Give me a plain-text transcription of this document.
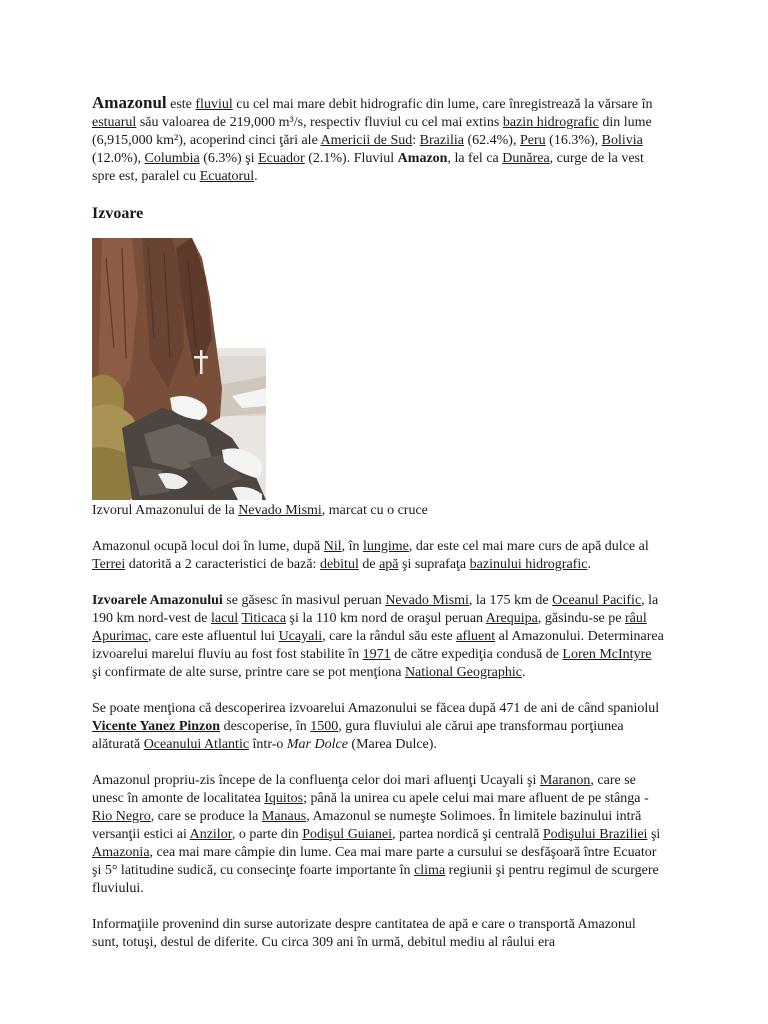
Amazonul este fluviul cu cel mai mare debit hidrografic din lume, care înregistrează la vărsare în estuarul său valoarea de 219,000 m³/s, respectiv fluviul cu cel mai extins bazin hidrografic din lume (6,915,000 km²), acoperind cinci ţări ale Americii de Sud: Brazilia (62.4%), Peru (16.3%), Bolivia (12.0%), Columbia (6.3%) şi Ecuador (2.1%). Fluviul Amazon, la fel ca Dunărea, curge de la vest spre est, paralel cu Ecuatorul.

Izvoare

Izvorul Amazonului de la Nevado Mismi, marcat cu o cruce

Amazonul ocupă locul doi în lume, după Nil, în lungime, dar este cel mai mare curs de apă dulce al Terrei datorită a 2 caracteristici de bază: debitul de apă şi suprafaţa bazinului hidrografic.

Izvoarele Amazonului se găsesc în masivul peruan Nevado Mismi, la 175 km de Oceanul Pacific, la 190 km nord-vest de lacul Titicaca şi la 110 km nord de oraşul peruan Arequipa, găsindu-se pe râul Apurimac, care este afluentul lui Ucayali, care la rândul său este afluent al Amazonului. Determinarea izvoarelui marelui fluviu au fost fost stabilite în 1971 de către expediţia condusă de Loren McIntyre şi confirmate de alte surse, printre care se pot menţiona National Geographic.

Se poate menţiona că descoperirea izvoarelui Amazonului se făcea după 471 de ani de când spaniolul Vicente Yanez Pinzon descoperise, în 1500, gura fluviului ale cărui ape transformau porţiunea alăturată Oceanului Atlantic într-o Mar Dolce (Marea Dulce).

Amazonul propriu-zis începe de la confluenţa celor doi mari afluenţi Ucayali şi Maranon, care se unesc în amonte de localitatea Iquitos; până la unirea cu apele celui mai mare afluent de pe stânga - Rio Negro, care se produce la Manaus, Amazonul se numeşte Solimoes. În limitele bazinului intră versanţii estici ai Anzilor, o parte din Podişul Guianei, partea nordică şi centrală Podişului Braziliei şi Amazonia, cea mai mare câmpie din lume. Cea mai mare parte a cursului se desfăşoară între Ecuator şi 5° latitudine sudică, cu consecinţe foarte importante în clima regiunii şi pentru regimul de scurgere fluviului.

Informaţiile provenind din surse autorizate despre cantitatea de apă e care o transportă Amazonul sunt, totuşi, destul de diferite. Cu circa 309 ani în urmă, debitul mediu al râului era
